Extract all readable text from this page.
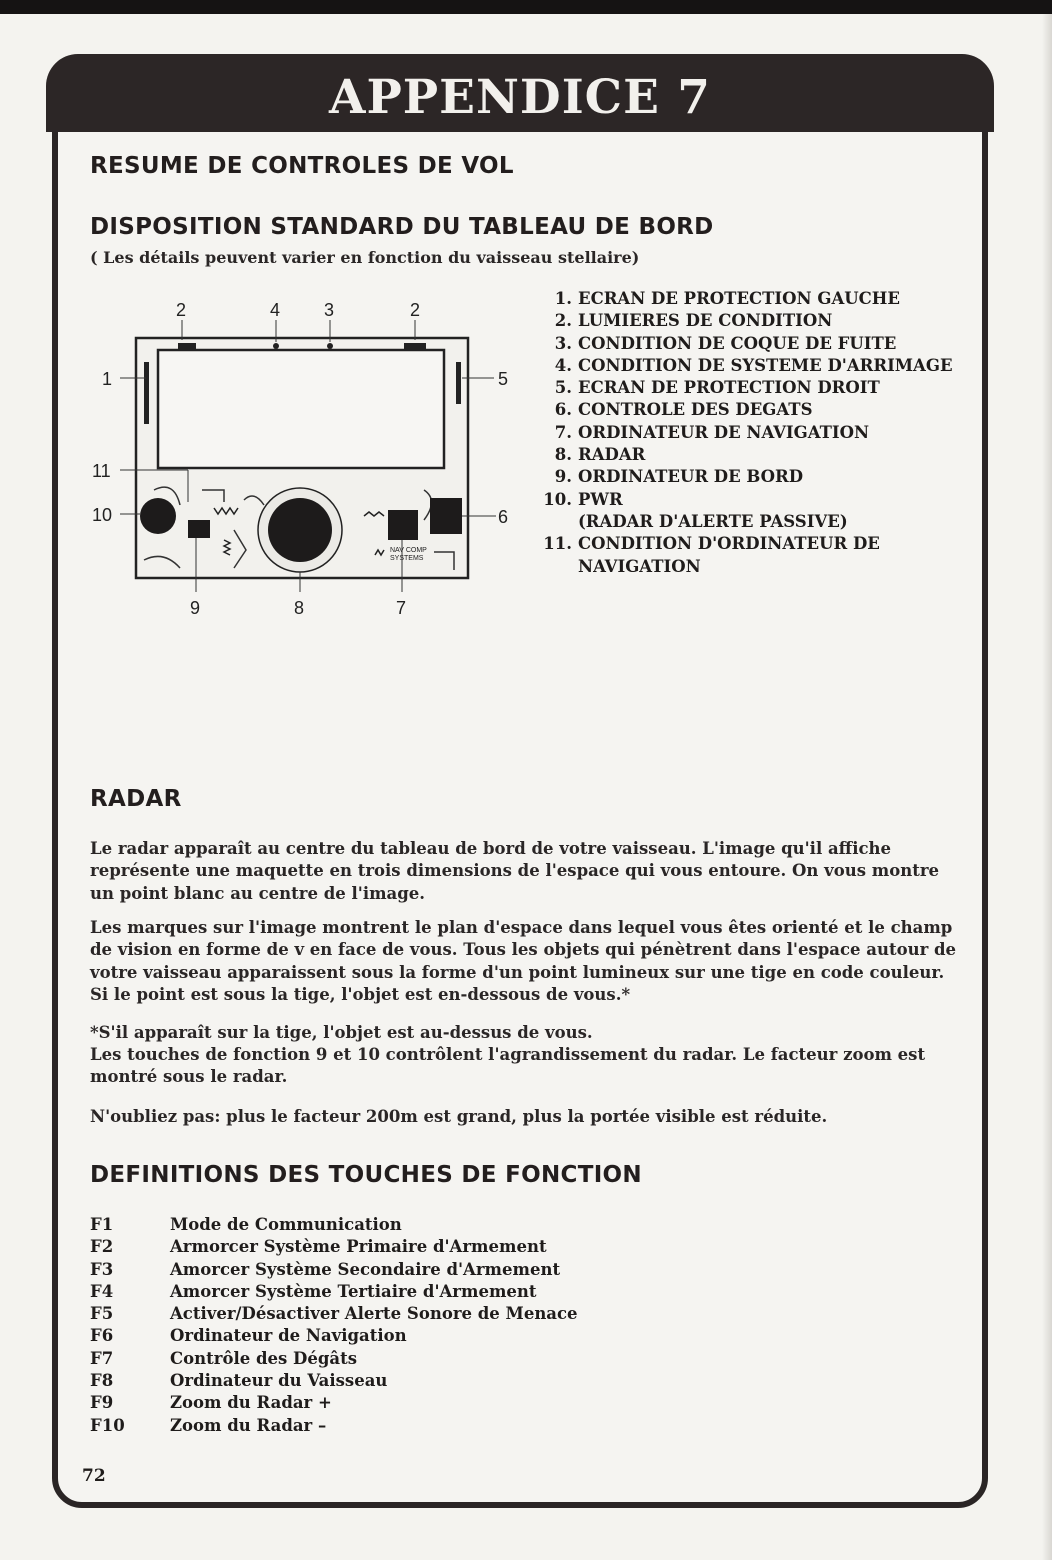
APPENDICE 7
RESUME DE CONTROLES DE VOL
DISPOSITION STANDARD DU TABLEAU DE BORD

( Les détails peuvent varier en fonction du vaisseau stellaire)

NAV COMP
SYSTEMS
2	4 3	2
1	5
11
10	6
9	8	7
1. ECRAN DE PROTECTION GAUCHE
2. LUMIERES DE CONDITION
3. CONDITION DE COQUE DE FUITE
4. CONDITION DE SYSTEME D'ARRIMAGE
5. ECRAN DE PROTECTION DROIT
6. CONTROLE DES DEGATS
7. ORDINATEUR DE NAVIGATION
8. RADAR
9. ORDINATEUR DE BORD
10. PWR
(RADAR D'ALERTE PASSIVE)
11. CONDITION D'ORDINATEUR DE
NAVIGATION
RADAR

Le radar apparaît au centre du tableau de bord de votre vaisseau. L'image qu'il affiche représente une maquette en trois dimensions de l'espace qui vous entoure. On vous montre un point blanc au centre de l'image.

Les marques sur l'image montrent le plan d'espace dans lequel vous êtes orienté et le champ de vision en forme de v en face de vous. Tous les objets qui pénètrent dans l'espace autour de votre vaisseau apparaissent sous la forme d'un point lumineux sur une tige en code couleur. Si le point est sous la tige, l'objet est en-dessous de vous.*

*S'il apparaît sur la tige, l'objet est au-dessus de vous.

Les touches de fonction 9 et 10 contrôlent l'agrandissement du radar. Le facteur zoom est montré sous le radar.

N'oubliez pas: plus le facteur 200m est grand, plus la portée visible est réduite.

DEFINITIONS DES TOUCHES DE FONCTION
F1	Mode de Communication
F2	Armorcer Système Primaire d'Armement
F3	Amorcer Système Secondaire d'Armement
F4	Amorcer Système Tertiaire d'Armement
F5	Activer/Désactiver Alerte Sonore de Menace
F6	Ordinateur de Navigation
F7	Contrôle des Dégâts
F8	Ordinateur du Vaisseau
F9	Zoom du Radar +
F10	Zoom du Radar –
72
